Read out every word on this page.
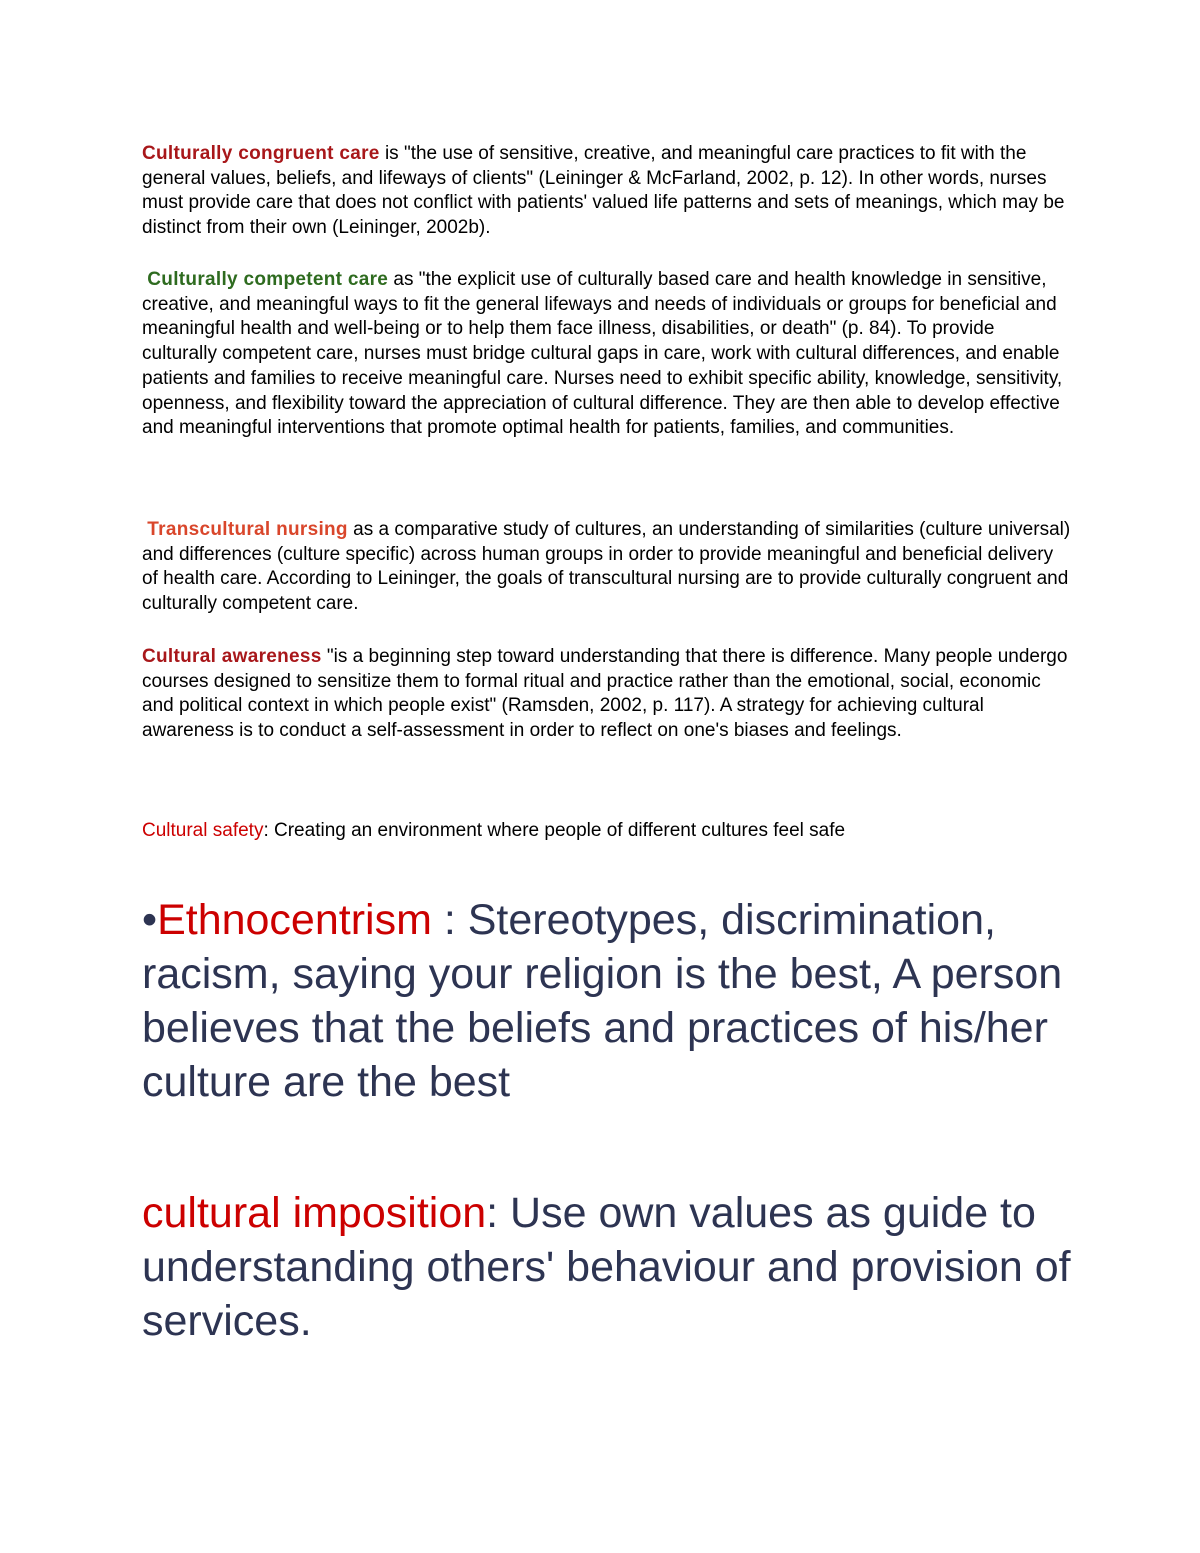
Culturally congruent care is "the use of sensitive, creative, and meaningful care practices to fit with the general values, beliefs, and lifeways of clients" (Leininger & McFarland, 2002, p. 12). In other words, nurses must provide care that does not conflict with patients' valued life patterns and sets of meanings, which may be distinct from their own (Leininger, 2002b).

Culturally competent care as "the explicit use of culturally based care and health knowledge in sensitive, creative, and meaningful ways to fit the general lifeways and needs of individuals or groups for beneficial and meaningful health and well-being or to help them face illness, disabilities, or death" (p. 84). To provide culturally competent care, nurses must bridge cultural gaps in care, work with cultural differences, and enable patients and families to receive meaningful care. Nurses need to exhibit specific ability, knowledge, sensitivity, openness, and flexibility toward the appreciation of cultural difference. They are then able to develop effective and meaningful interventions that promote optimal health for patients, families, and communities.

Transcultural nursing as a comparative study of cultures, an understanding of similarities (culture universal) and differences (culture specific) across human groups in order to provide meaningful and beneficial delivery of health care. According to Leininger, the goals of transcultural nursing are to provide culturally congruent and culturally competent care.

Cultural awareness "is a beginning step toward understanding that there is difference. Many people undergo courses designed to sensitize them to formal ritual and practice rather than the emotional, social, economic and political context in which people exist" (Ramsden, 2002, p. 117). A strategy for achieving cultural awareness is to conduct a self-assessment in order to reflect on one's biases and feelings.

Cultural safety: Creating an environment where people of different cultures feel safe

•Ethnocentrism : Stereotypes, discrimination, racism, saying your religion is the best, A person believes that the beliefs and practices of his/her culture are the best

cultural imposition: Use own values as guide to understanding others' behaviour and provision of services.
